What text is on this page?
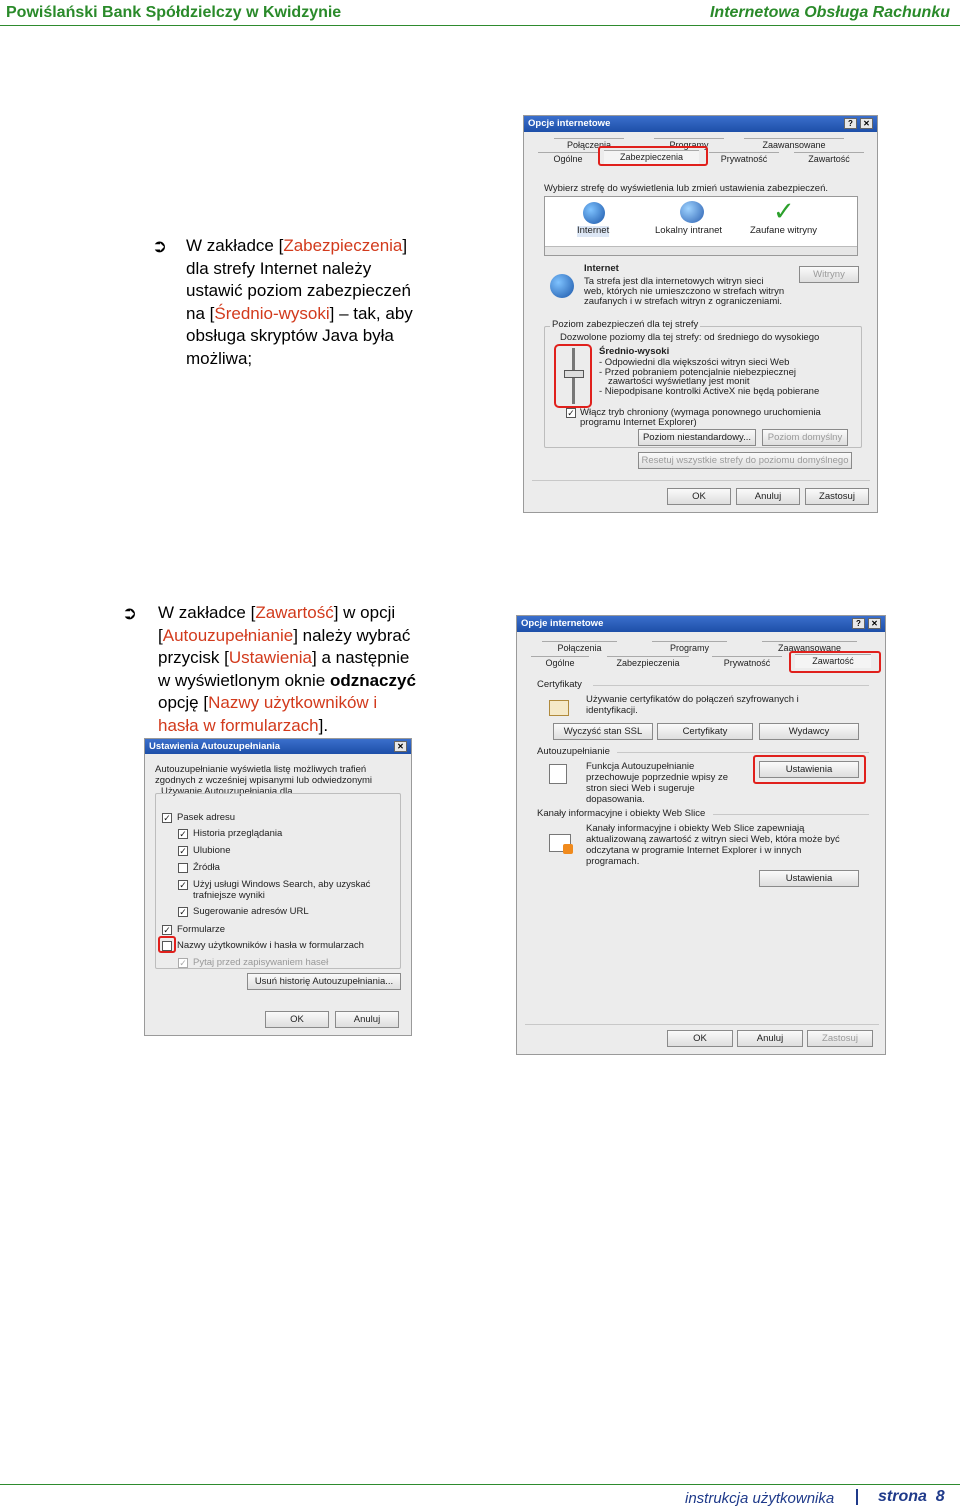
Powiślański Bank Spółdzielczy w Kwidzynie	Internetowa Obsługa Rachunku
➲ W zakładce [Zabezpieczenia]
dla strefy Internet należy
ustawić poziom zabezpieczeń
na [Średnio-wysoki] – tak, aby
obsługa skryptów Java była
możliwa;
Opcje internetowe	?	✕
Połączenia	Programy	Zaawansowane
Ogólne	Zabezpieczenia	Prywatność	Zawartość
Wybierz strefę do wyświetlenia lub zmień ustawienia zabezpieczeń.
Internet	Lokalny intranet
✓
Zaufane witryny
Internet
Ta strefa jest dla internetowych witryn sieci
web, których nie umieszczono w strefach witryn
zaufanych i w strefach witryn z ograniczeniami.
Witryny
Poziom zabezpieczeń dla tej strefy
Dozwolone poziomy dla tej strefy: od średniego do wysokiego
Średnio-wysoki
- Odpowiedni dla większości witryn sieci Web
- Przed pobraniem potencjalnie niebezpiecznej
zawartości wyświetlany jest monit
- Niepodpisane kontrolki ActiveX nie będą pobierane
✓ Włącz tryb chroniony (wymaga ponownego uruchomienia
programu Internet Explorer)
Poziom niestandardowy...	Poziom domyślny
Resetuj wszystkie strefy do poziomu domyślnego
OK	Anuluj	Zastosuj
➲ W zakładce [Zawartość] w opcji
[Autouzupełnianie] należy wybrać
przycisk [Ustawienia] a następnie
w wyświetlonym oknie odznaczyć
opcję [Nazwy użytkowników i
hasła w formularzach].
Opcje internetowe	?	✕
Połączenia	Programy	Zaawansowane
Ogólne	Zabezpieczenia	Prywatność	Zawartość
Certyfikaty
Używanie certyfikatów do połączeń szyfrowanych i
identyfikacji.
Wyczyść stan SSL	Certyfikaty	Wydawcy
Autouzupełnianie
Funkcja Autouzupełnianie
przechowuje poprzednie wpisy ze
stron sieci Web i sugeruje
dopasowania.
Ustawienia
Kanały informacyjne i obiekty Web Slice
Kanały informacyjne i obiekty Web Slice zapewniają
aktualizowaną zawartość z witryn sieci Web, która może być
odczytana w programie Internet Explorer i w innych
programach.
Ustawienia
OK	Anuluj	Zastosuj
Ustawienia Autouzupełniania	✕
Autouzupełnianie wyświetla listę możliwych trafień
zgodnych z wcześniej wpisanymi lub odwiedzonymi
Używanie Autouzupełniania dla
✓ Pasek adresu
✓ Historia przeglądania
✓ Ulubione
Źródła
✓ Użyj usługi Windows Search, aby uzyskać
trafniejsze wyniki
✓ Sugerowanie adresów URL
✓ Formularze
Nazwy użytkowników i hasła w formularzach
✓ Pytaj przed zapisywaniem haseł
Usuń historię Autouzupełniania...
OK	Anuluj
instrukcja użytkownika	strona  8
